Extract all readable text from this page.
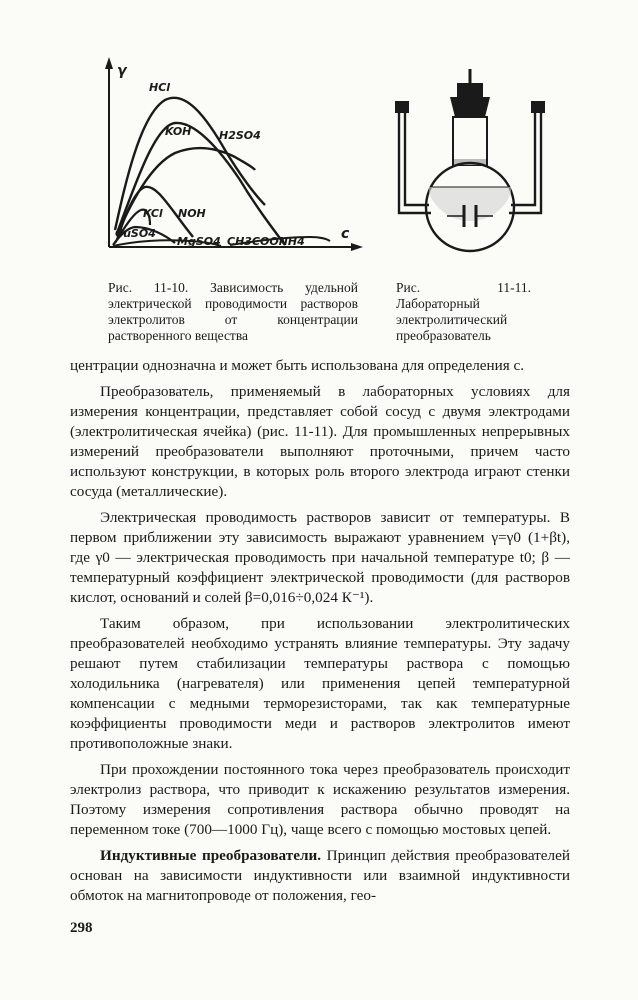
γ
c
HCl
KOH	H2SO4
KCl NOH
CuSO4
MgSO4 CH3COONH4

Рис. 11-10. Зависимость удельной электрической проводимости растворов электролитов от концентрации растворенного вещества

Рис. 11-11. Лабораторный электролитический преобразователь

центрации однозначна и может быть использована для определения c.

Преобразователь, применяемый в лабораторных условиях для измерения концентрации, представляет собой сосуд с двумя электродами (электролитическая ячейка) (рис. 11-11). Для промышленных непрерывных измерений преобразователи выполняют проточными, причем часто используют конструкции, в которых роль второго электрода играют стенки сосуда (металлические).

Электрическая проводимость растворов зависит от температуры. В первом приближении эту зависимость выражают уравнением γ=γ0 (1+βt), где γ0 — электрическая проводимость при начальной температуре t0; β — температурный коэффициент электрической проводимости (для растворов кислот, оснований и солей β=0,016÷0,024 К⁻¹).

Таким образом, при использовании электролитических преобразователей необходимо устранять влияние температуры. Эту задачу решают путем стабилизации температуры раствора с помощью холодильника (нагревателя) или применения цепей температурной компенсации с медными терморезисторами, так как температурные коэффициенты проводимости меди и растворов электролитов имеют противоположные знаки.

При прохождении постоянного тока через преобразователь происходит электролиз раствора, что приводит к искажению результатов измерения. Поэтому измерения сопротивления раствора обычно проводят на переменном токе (700—1000 Гц), чаще всего с помощью мостовых цепей.

Индуктивные преобразователи. Принцип действия преобразователей основан на зависимости индуктивности или взаимной индуктивности обмоток на магнитопроводе от положения, гео-

298
